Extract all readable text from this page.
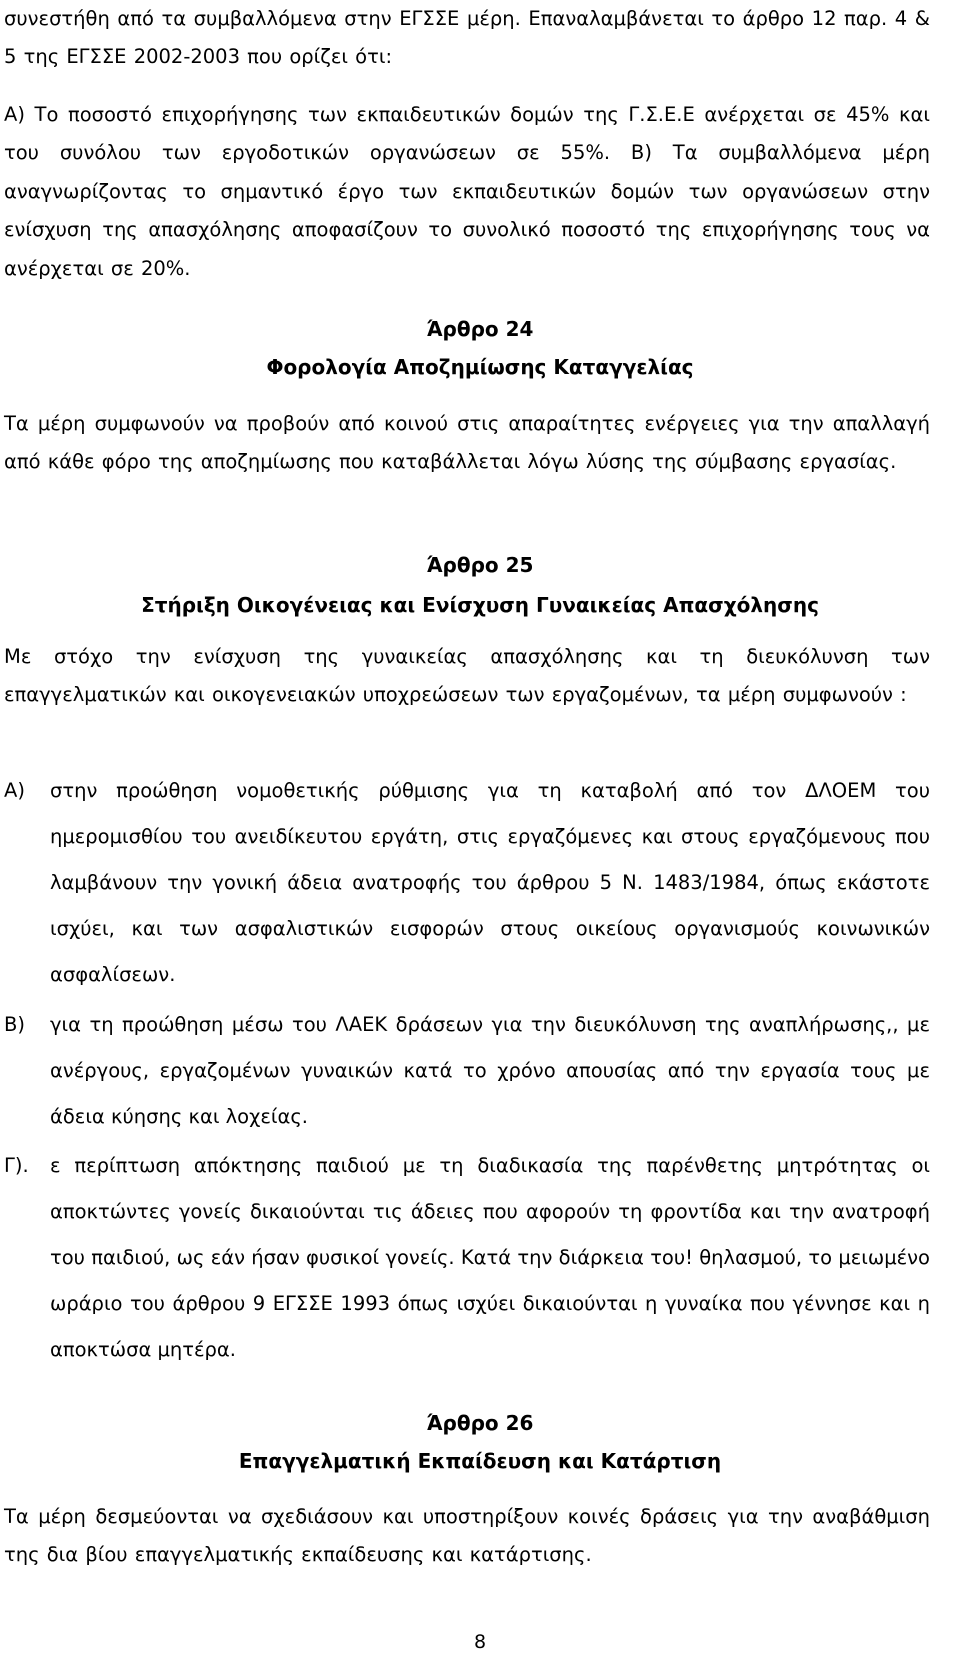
συνεστήθη από τα συμβαλλόμενα στην ΕΓΣΣΕ μέρη. Επαναλαμβάνεται το άρθρο 12 παρ. 4 & 5 της ΕΓΣΣΕ 2002-2003 που ορίζει ότι:

Α) Το ποσοστό επιχορήγησης των εκπαιδευτικών δομών της Γ.Σ.Ε.Ε ανέρχεται σε 45% και του συνόλου των εργοδοτικών οργανώσεων σε 55%. Β) Τα συμβαλλόμενα μέρη αναγνωρίζοντας το σημαντικό έργο των εκπαιδευτικών δομών των οργανώσεων στην ενίσχυση της απασχόλησης αποφασίζουν το συνολικό ποσοστό της επιχορήγησης τους να ανέρχεται σε 20%.

Άρθρο 24
Φορολογία Αποζημίωσης Καταγγελίας

Τα μέρη συμφωνούν να προβούν από κοινού στις απαραίτητες ενέργειες για την απαλλαγή από κάθε φόρο της αποζημίωσης που καταβάλλεται λόγω λύσης της σύμβασης εργασίας.

Άρθρο 25
Στήριξη Οικογένειας και Ενίσχυση Γυναικείας Απασχόλησης

Με στόχο την ενίσχυση της γυναικείας απασχόλησης και τη διευκόλυνση των επαγγελματικών και οικογενειακών υποχρεώσεων των εργαζομένων, τα μέρη συμφωνούν :

Α) στην προώθηση νομοθετικής ρύθμισης για τη καταβολή από τον ΔΛΟΕΜ του ημερομισθίου του ανειδίκευτου εργάτη, στις εργαζόμενες και στους εργαζόμενους που λαμβάνουν την γονική άδεια ανατροφής του άρθρου 5 Ν. 1483/1984, όπως εκάστοτε ισχύει, και των ασφαλιστικών εισφορών στους οικείους οργανισμούς κοινωνικών ασφαλίσεων.

Β) για τη προώθηση μέσω του ΛΑΕΚ δράσεων για την διευκόλυνση της αναπλήρωσης,, με ανέργους, εργαζομένων γυναικών κατά το χρόνο απουσίας από την εργασία τους με άδεια κύησης και λοχείας.

Γ). ε περίπτωση απόκτησης παιδιού με τη διαδικασία της παρένθετης μητρότητας οι αποκτώντες γονείς δικαιούνται τις άδειες που αφορούν τη φροντίδα και την ανατροφή του παιδιού, ως εάν ήσαν φυσικοί γονείς. Κατά την διάρκεια του! θηλασμού, το μειωμένο ωράριο του άρθρου 9 ΕΓΣΣΕ 1993 όπως ισχύει δικαιούνται η γυναίκα που γέννησε και η αποκτώσα μητέρα.

Άρθρο 26
Επαγγελματική Εκπαίδευση και Κατάρτιση

Τα μέρη δεσμεύονται να σχεδιάσουν και υποστηρίξουν κοινές δράσεις για την αναβάθμιση της δια βίου επαγγελματικής εκπαίδευσης και κατάρτισης.

8
